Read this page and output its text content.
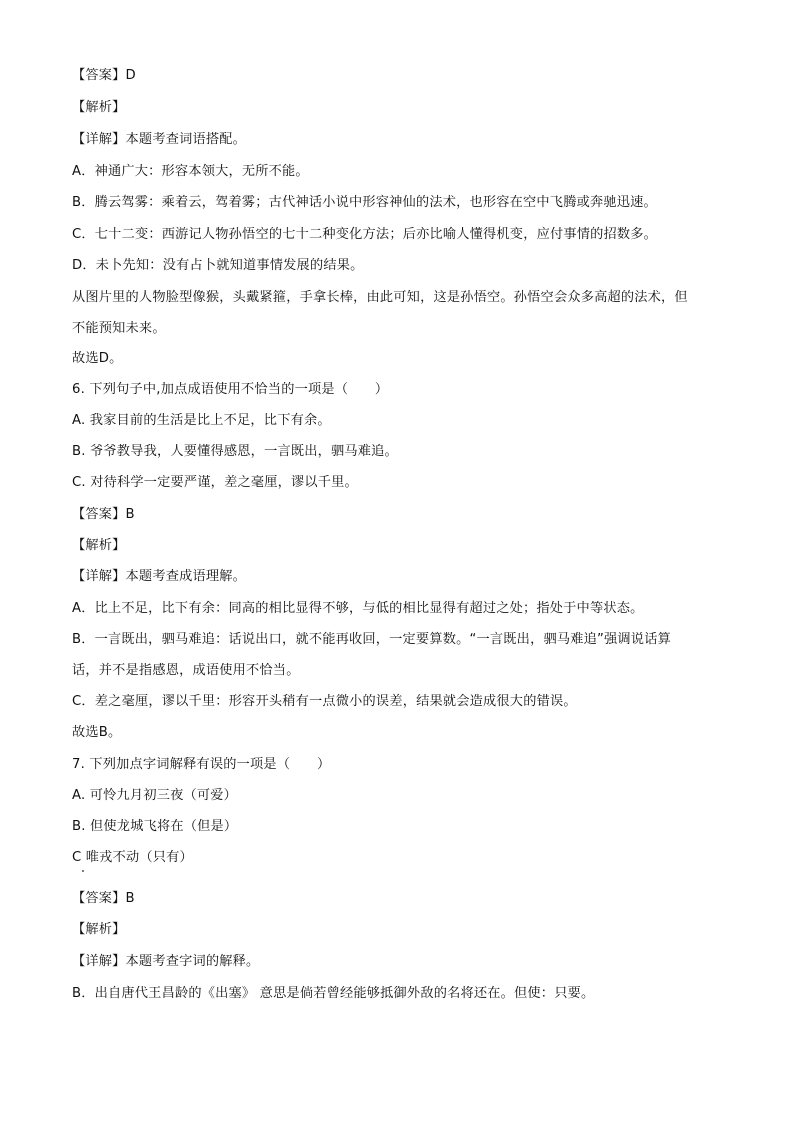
【答案】D
【解析】
【详解】本题考查词语搭配。
A．神通广大：形容本领大，无所不能。
B．腾云驾雾：乘着云，驾着雾；古代神话小说中形容神仙的法术，也形容在空中飞腾或奔驰迅速。
C．七十二变：西游记人物孙悟空的七十二种变化方法；后亦比喻人懂得机变，应付事情的招数多。
D．未卜先知：没有占卜就知道事情发展的结果。
从图片里的人物脸型像猴，头戴紧箍，手拿长棒，由此可知，这是孙悟空。孙悟空会众多高超的法术，但
不能预知未来。
故选D。
6. 下列句子中,加点成语使用不恰当的一项是（　　）
A. 我家目前的生活是比上不足，比下有余。
B. 爷爷教导我，人要懂得感恩，一言既出，驷马难追。
C. 对待科学一定要严谨，差之毫厘，谬以千里。
【答案】B
【解析】
【详解】本题考查成语理解。
A．比上不足，比下有余：同高的相比显得不够，与低的相比显得有超过之处；指处于中等状态。
B．一言既出，驷马难追：话说出口，就不能再收回，一定要算数。“一言既出，驷马难追”强调说话算
话，并不是指感恩，成语使用不恰当。
C．差之毫厘，谬以千里：形容开头稍有一点微小的误差，结果就会造成很大的错误。
故选B。
7. 下列加点字词解释有误的一项是（　　）
A. 可怜九月初三夜（可爱）
B. 但使龙城飞将在（但是）
C 唯戎不动（只有）
【答案】B
【解析】
【详解】本题考查字词的解释。
B．出自唐代王昌龄的《出塞》 意思是倘若曾经能够抵御外敌的名将还在。但使：只要。
